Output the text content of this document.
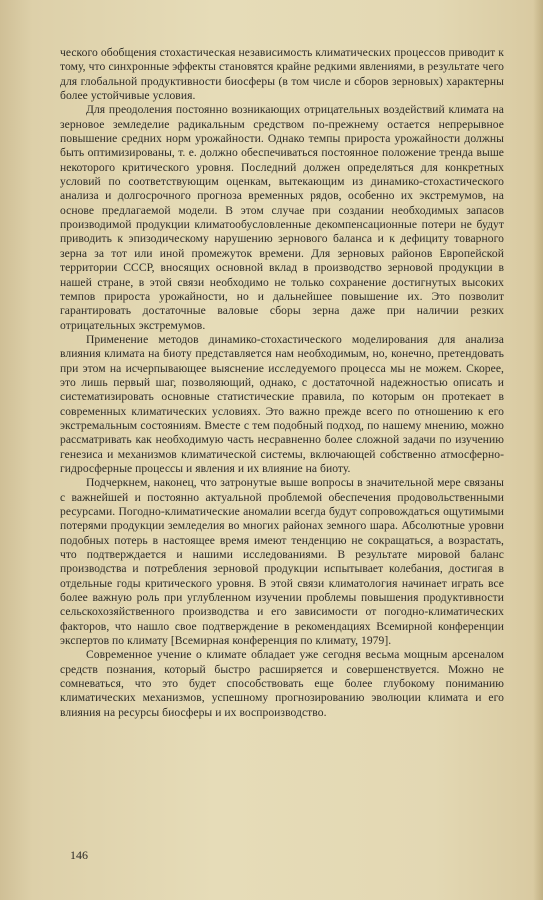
ческого обобщения стохастическая независимость климатических процессов приводит к тому, что синхронные эффекты становятся крайне редкими явлениями, в результате чего для глобальной продуктивности биосферы (в том числе и сборов зерновых) характерны более устойчивые условия.

Для преодоления постоянно возникающих отрицательных воздействий климата на зерновое земледелие радикальным средством по-прежнему остается непрерывное повышение средних норм урожайности. Однако темпы прироста урожайности должны быть оптимизированы, т. е. должно обеспечиваться постоянное положение тренда выше некоторого критического уровня. Последний должен определяться для конкретных условий по соответствующим оценкам, вытекающим из динамико-стохастического анализа и долгосрочного прогноза временных рядов, особенно их экстремумов, на основе предлагаемой модели. В этом случае при создании необходимых запасов производимой продукции климатообусловленные декомпенсационные потери не будут приводить к эпизодическому нарушению зернового баланса и к дефициту товарного зерна за тот или иной промежуток времени. Для зерновых районов Европейской территории СССР, вносящих основной вклад в производство зерновой продукции в нашей стране, в этой связи необходимо не только сохранение достигнутых высоких темпов прироста урожайности, но и дальнейшее повышение их. Это позволит гарантировать достаточные валовые сборы зерна даже при наличии резких отрицательных экстремумов.

Применение методов динамико-стохастического моделирования для анализа влияния климата на биоту представляется нам необходимым, но, конечно, претендовать при этом на исчерпывающее выяснение исследуемого процесса мы не можем. Скорее, это лишь первый шаг, позволяющий, однако, с достаточной надежностью описать и систематизировать основные статистические правила, по которым он протекает в современных климатических условиях. Это важно прежде всего по отношению к его экстремальным состояниям. Вместе с тем подобный подход, по нашему мнению, можно рассматривать как необходимую часть несравненно более сложной задачи по изучению генезиса и механизмов климатической системы, включающей собственно атмосферно-гидросферные процессы и явления и их влияние на биоту.

Подчеркнем, наконец, что затронутые выше вопросы в значительной мере связаны с важнейшей и постоянно актуальной проблемой обеспечения продовольственными ресурсами. Погодно-климатические аномалии всегда будут сопровождаться ощутимыми потерями продукции земледелия во многих районах земного шара. Абсолютные уровни подобных потерь в настоящее время имеют тенденцию не сокращаться, а возрастать, что подтверждается и нашими исследованиями. В результате мировой баланс производства и потребления зерновой продукции испытывает колебания, достигая в отдельные годы критического уровня. В этой связи климатология начинает играть все более важную роль при углубленном изучении проблемы повышения продуктивности сельскохозяйственного производства и его зависимости от погодно-климатических факторов, что нашло свое подтверждение в рекомендациях Всемирной конференции экспертов по климату [Всемирная конференция по климату, 1979].

Современное учение о климате обладает уже сегодня весьма мощным арсеналом средств познания, который быстро расширяется и совершенствуется. Можно не сомневаться, что это будет способствовать еще более глубокому пониманию климатических механизмов, успешному прогнозированию эволюции климата и его влияния на ресурсы биосферы и их воспроизводство.

146
